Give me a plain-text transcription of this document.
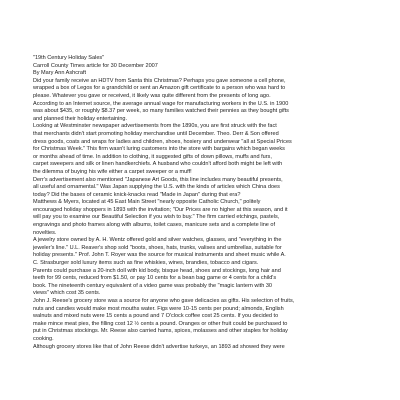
"19th Century Holiday Sales"
Carroll County Times article for 30 December 2007
By Mary Ann Ashcraft
Did your family receive an HDTV from Santa this Christmas? Perhaps you gave someone a cell phone,
wrapped a box of Legos for a grandchild or sent an Amazon gift certificate to a person who was hard to
please. Whatever you gave or received, it likely was quite different from the presents of long ago.
According to an Internet source, the average annual wage for manufacturing workers in the U.S. in 1900
was about $435, or roughly $8.37 per week, so many families watched their pennies as they bought gifts
and planned their holiday entertaining.
Looking at Westminster newspaper advertisements from the 1890s, you are first struck with the fact
that merchants didn't start promoting holiday merchandise until December. Theo. Derr & Son offered
dress goods, coats and wraps for ladies and children, shoes, hosiery and underwear "all at Special Prices
for Christmas Week." This firm wasn't luring customers into the store with bargains which began weeks
or months ahead of time. In addition to clothing, it suggested gifts of down pillows, muffs and furs,
carpet sweepers and silk or linen handkerchiefs. A husband who couldn't afford both might be left with
the dilemma of buying his wife either a carpet sweeper or a muff!
Derr's advertisement also mentioned "Japanese Art Goods, this line includes many beautiful presents,
all useful and ornamental." Was Japan supplying the U.S. with the kinds of articles which China does
today? Did the bases of ceramic knick-knacks read "Made in Japan" during that era?
Matthews & Myers, located at 45 East Main Street "nearly opposite Catholic Church," politely
encouraged holiday shoppers in 1893 with the invitation; "Our Prices are no higher at this season, and it
will pay you to examine our Beautiful Selection if you wish to buy." The firm carried etchings, pastels,
engravings and photo frames along with albums, toilet cases, manicure sets and a complete line of
novelties.
A jewelry store owned by A. H. Wentz offered gold and silver watches, glasses, and "everything in the
jeweler's line." U.L. Reaver's shop sold "boots, shoes, hats, trunks, valises and umbrellas, suitable for
holiday presents." Prof. John T. Royer was the source for musical instruments and sheet music while A.
C. Strasburger sold luxury items such as fine whiskies, wines, brandies, tobacco and cigars.
Parents could purchase a 20-inch doll with kid body, bisque head, shoes and stockings, long hair and
teeth for 99 cents, reduced from $1.50, or pay 10 cents for a bean bag game or 4 cents for a child's
book. The nineteenth century equivalent of a video game was probably the "magic lantern with 30
views" which cost 35 cents.
John J. Reese's grocery store was a source for anyone who gave delicacies as gifts. His selection of fruits,
nuts and candies would make most mouths water. Figs were 10-15 cents per pound; almonds, English
walnuts and mixed nuts were 15 cents a pound and 7 O'clock coffee cost 25 cents. If you decided to
make mince meat pies, the filling cost 12 ½ cents a pound. Oranges or other fruit could be purchased to
put in Christmas stockings. Mr. Reese also carried hams, spices, molasses and other staples for holiday
cooking.
Although grocery stores like that of John Reese didn't advertise turkeys, an 1893 ad showed they were
